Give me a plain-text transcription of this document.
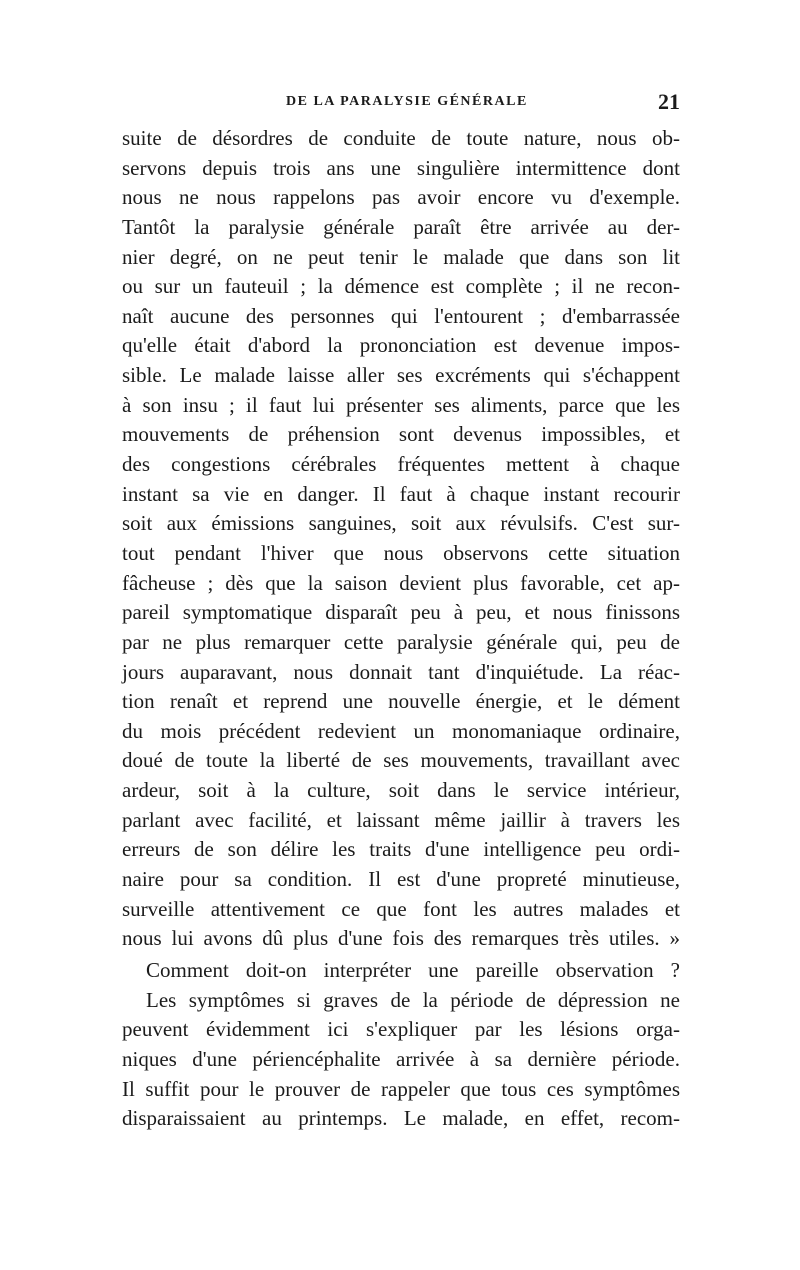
DE LA PARALYSIE GÉNÉRALE	21
suite de désordres de conduite de toute nature, nous ob-
servons depuis trois ans une singulière intermittence dont
nous ne nous rappelons pas avoir encore vu d'exemple.
Tantôt la paralysie générale paraît être arrivée au der-
nier degré, on ne peut tenir le malade que dans son lit
ou sur un fauteuil ; la démence est complète ; il ne recon-
naît aucune des personnes qui l'entourent ; d'embarrassée
qu'elle était d'abord la prononciation est devenue impos-
sible. Le malade laisse aller ses excréments qui s'échappent
à son insu ; il faut lui présenter ses aliments, parce que les
mouvements de préhension sont devenus impossibles, et
des congestions cérébrales fréquentes mettent à chaque
instant sa vie en danger. Il faut à chaque instant recourir
soit aux émissions sanguines, soit aux révulsifs. C'est sur-
tout pendant l'hiver que nous observons cette situation
fâcheuse ; dès que la saison devient plus favorable, cet ap-
pareil symptomatique disparaît peu à peu, et nous finissons
par ne plus remarquer cette paralysie générale qui, peu de
jours auparavant, nous donnait tant d'inquiétude. La réac-
tion renaît et reprend une nouvelle énergie, et le dément
du mois précédent redevient un monomaniaque ordinaire,
doué de toute la liberté de ses mouvements, travaillant avec
ardeur, soit à la culture, soit dans le service intérieur,
parlant avec facilité, et laissant même jaillir à travers les
erreurs de son délire les traits d'une intelligence peu ordi-
naire pour sa condition. Il est d'une propreté minutieuse,
surveille attentivement ce que font les autres malades et
nous lui avons dû plus d'une fois des remarques très utiles. »
Comment doit-on interpréter une pareille observation ?
Les symptômes si graves de la période de dépression ne
peuvent évidemment ici s'expliquer par les lésions orga-
niques d'une périencéphalite arrivée à sa dernière période.
Il suffit pour le prouver de rappeler que tous ces symptômes
disparaissaient au printemps. Le malade, en effet, recom-
